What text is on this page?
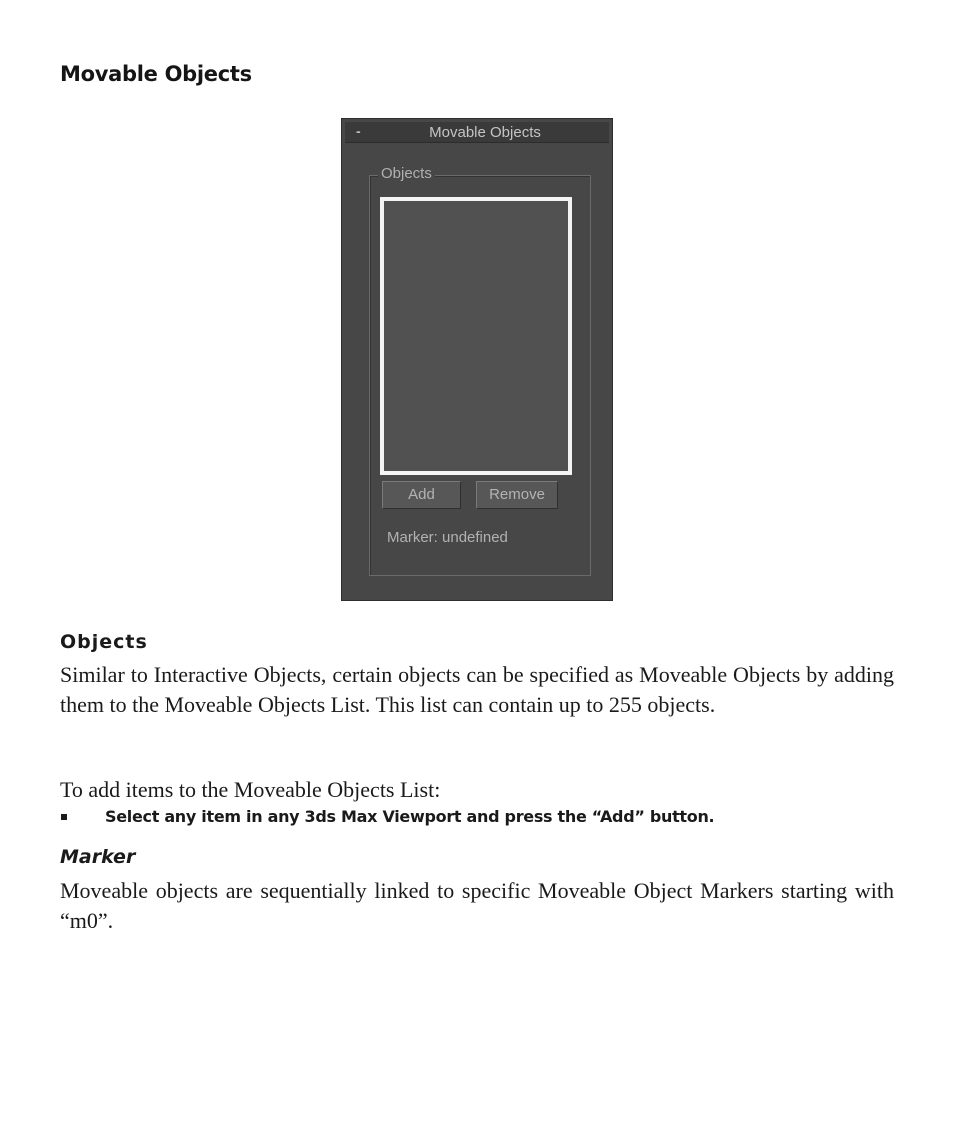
Movable Objects
-	Movable Objects
Objects
Add	Remove
Marker: undefined
Objects

Similar to Interactive Objects, certain objects can be specified as Moveable Objects by adding them to the Moveable Objects List. This list can contain up to 255 objects.

To add items to the Moveable Objects List:

Select any item in any 3ds Max Viewport and press the “Add” button.
Marker

Moveable objects are sequentially linked to specific Moveable Object Markers starting with “m0”.
